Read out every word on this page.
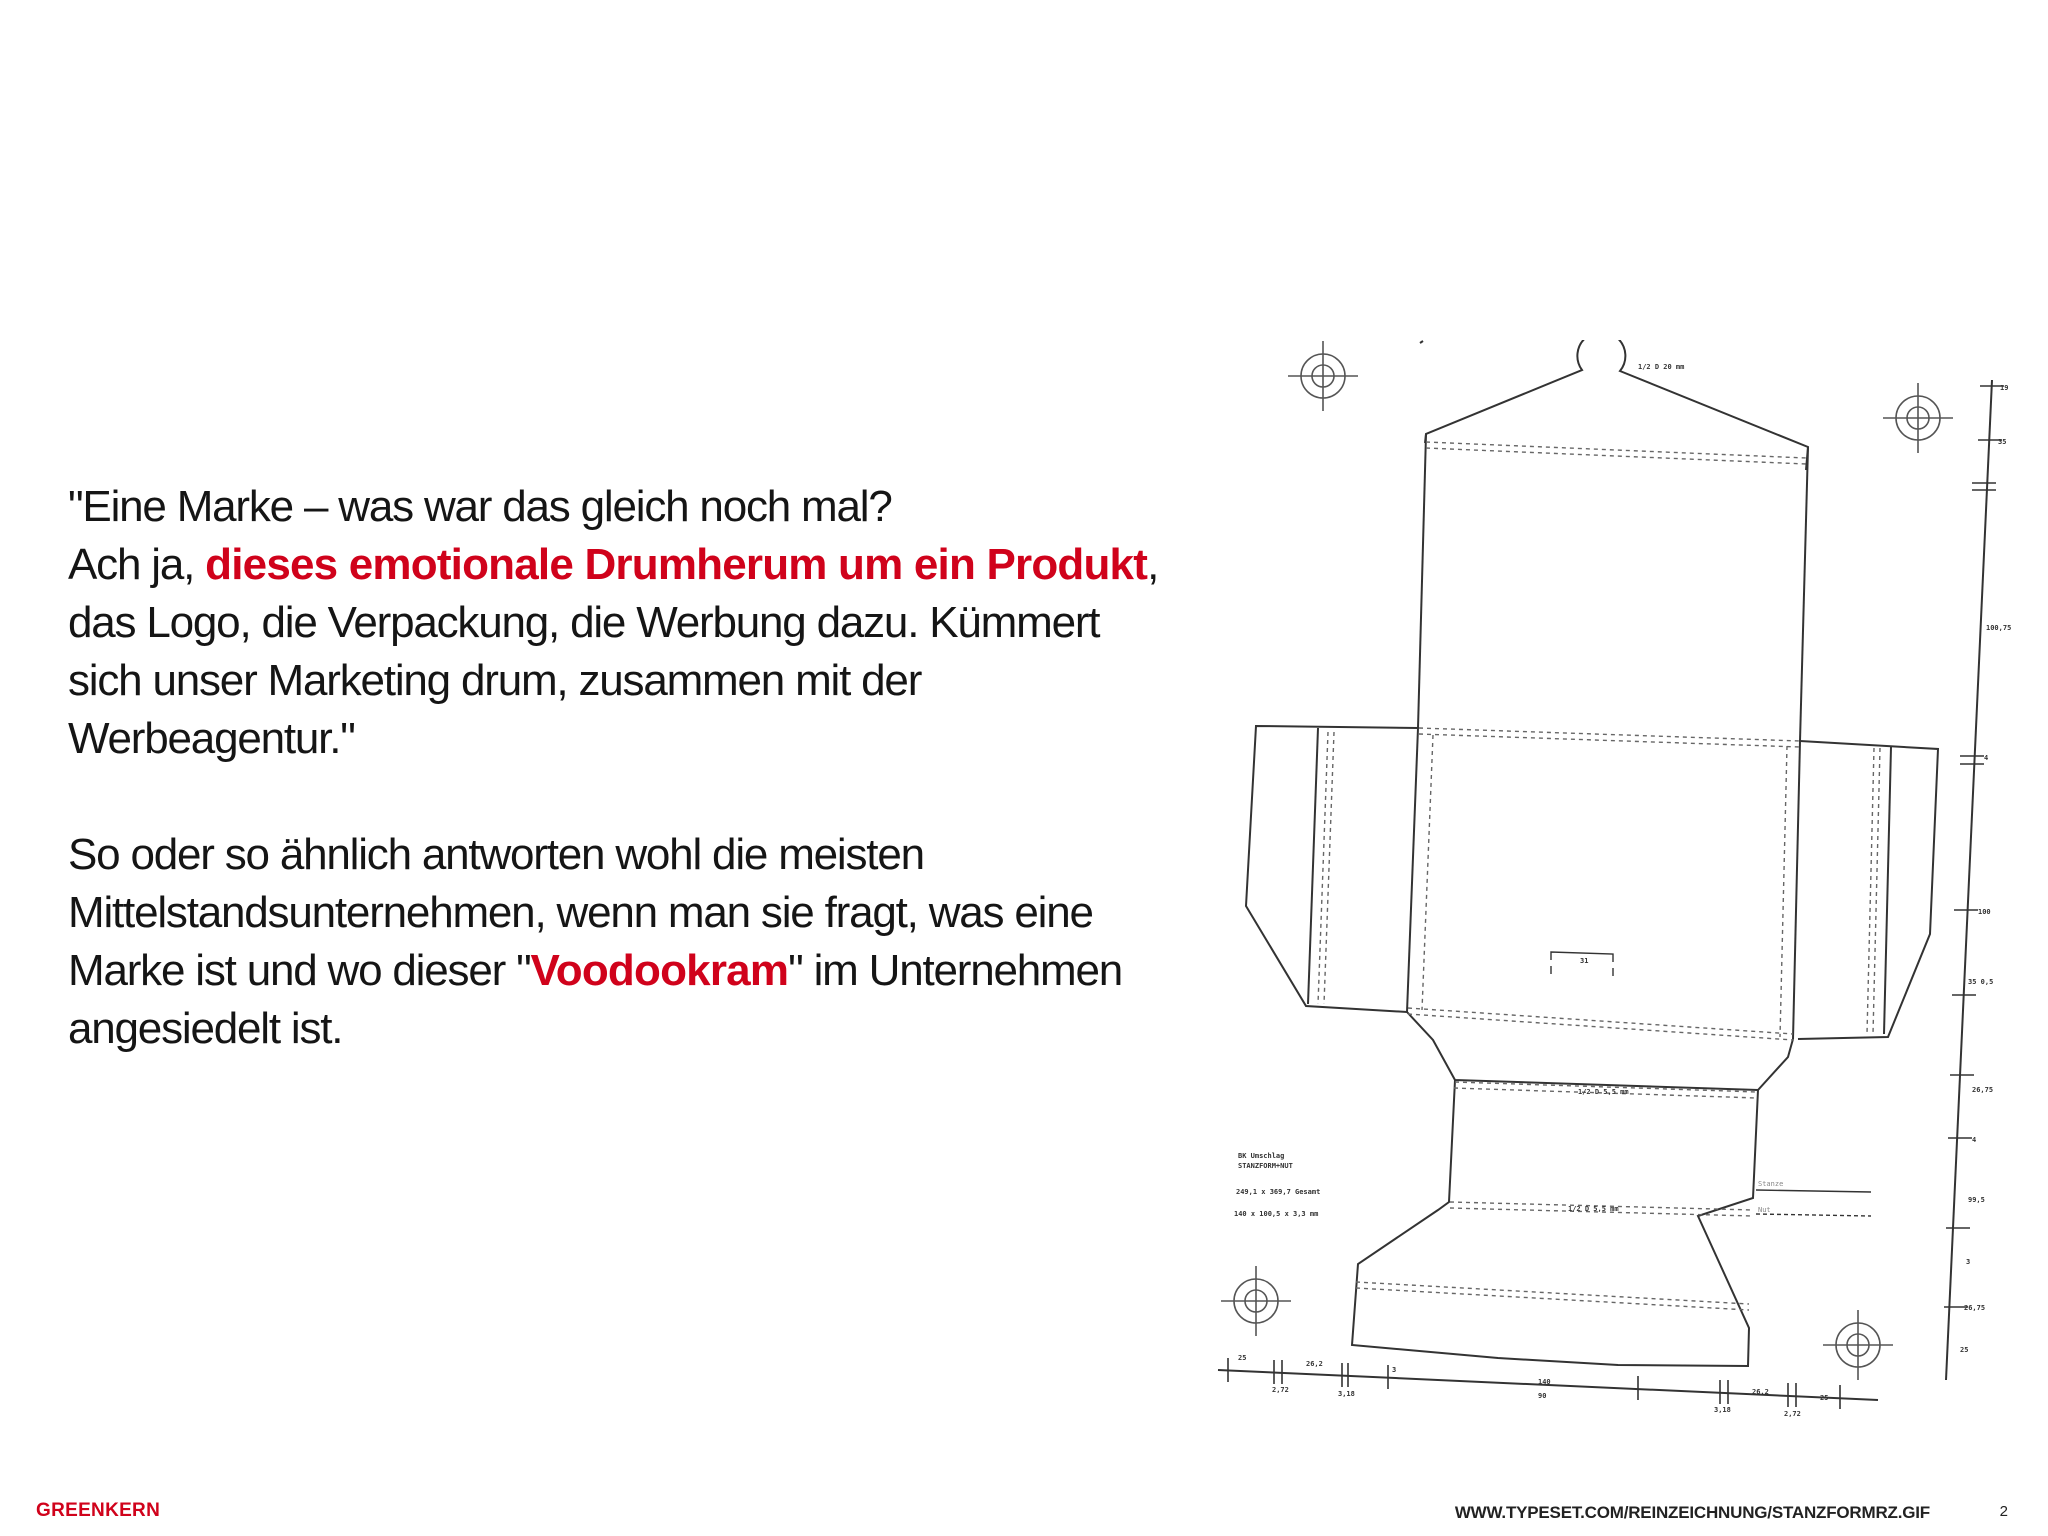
"Eine Marke – was war das gleich noch mal?
Ach ja, dieses emotionale Drumherum um ein Produkt, das Logo, die Verpackung, die Werbung dazu. Kümmert sich unser Marketing drum, zusammen mit der Werbeagentur."

So oder so ähnlich antworten wohl die meisten Mittelstandsunternehmen, wenn man sie fragt, was eine Marke ist und wo dieser "Voodookram" im Unternehmen angesiedelt ist.

1/2 D 20 mm
1/2 D 5,5 mm
1/2 D 5,5 mm
31
BK Umschlag
STANZFORM+NUT
249,1 x 369,7 Gesamt
140 x 100,5 x 3,3 mm
Stanze
Nut
19
35
100,75
4
100
35 0,5
26,75
4
99,5
3
26,75
25
25
2,72
26,2
3,18
3
140
90
3,18
26,2
2,72
25
GREENKERN	WWW.TYPESET.COM/REINZEICHNUNG/STANZFORMRZ.GIF	2
